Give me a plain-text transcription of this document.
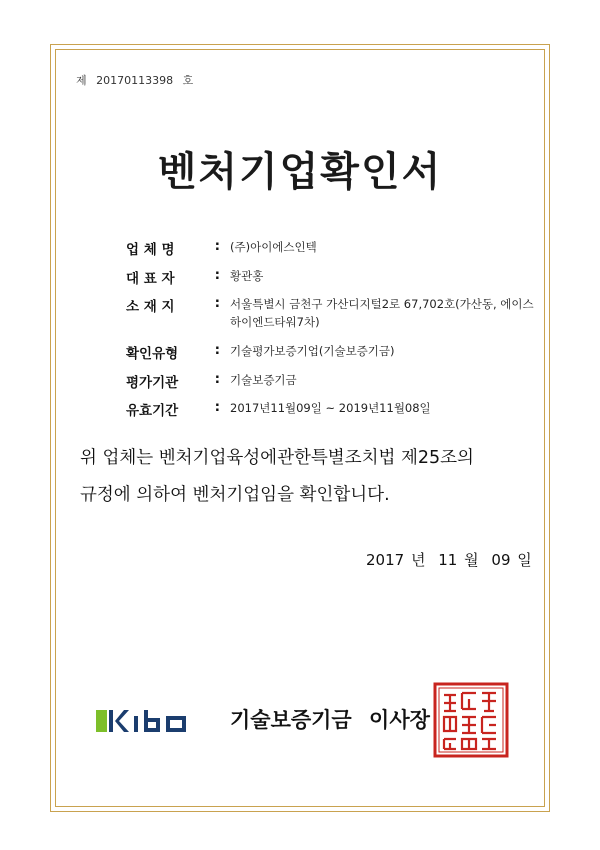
제 20170113398 호
벤처기업확인서
업 체 명	: (주)아이에스인텍
대 표 자	: 황관홍
소 재 지	: 서울특별시 금천구 가산디지털2로 67,702호(가산동, 에이스하이엔드타워7차)
확인유형	: 기술평가보증기업(기술보증기금)
평가기관	: 기술보증기금
유효기간	: 2017년11월09일 ~ 2019년11월08일

위 업체는 벤처기업육성에관한특별조치법 제25조의

규정에 의하여 벤처기업임을 확인합니다.

2017 년 11 월 09 일
기술보증기금 이사장
